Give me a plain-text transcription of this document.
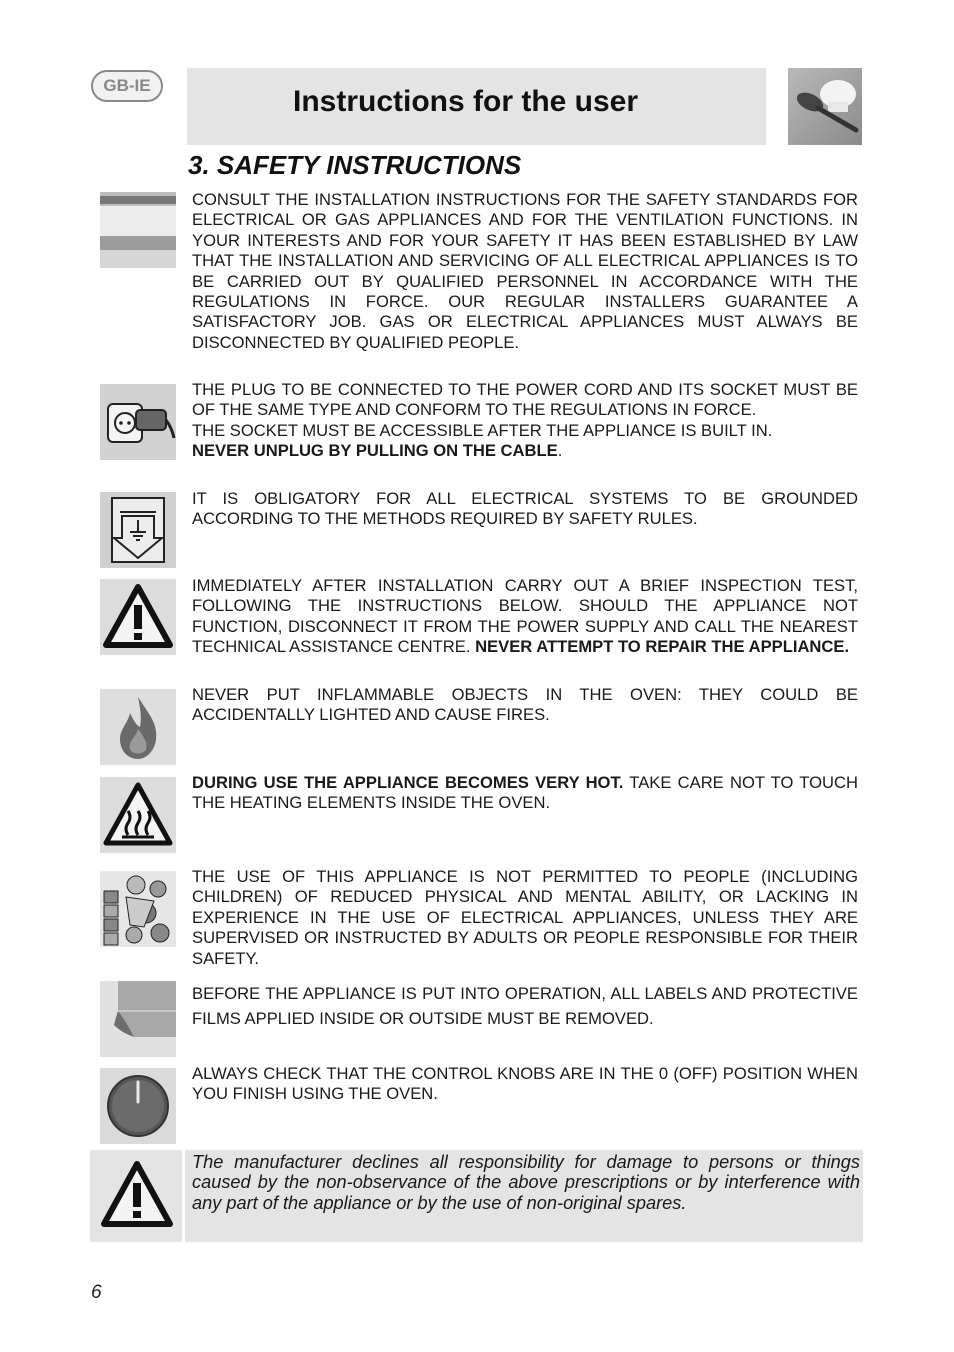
GB-IE	Instructions for the user
3. SAFETY INSTRUCTIONS

CONSULT THE INSTALLATION INSTRUCTIONS FOR THE SAFETY STANDARDS FOR ELECTRICAL OR GAS APPLIANCES AND FOR THE VENTILATION FUNCTIONS. IN YOUR INTERESTS AND FOR YOUR SAFETY IT HAS BEEN ESTABLISHED BY LAW THAT THE INSTALLATION AND SERVICING OF ALL ELECTRICAL APPLIANCES IS TO BE CARRIED OUT BY QUALIFIED PERSONNEL IN ACCORDANCE WITH THE REGULATIONS IN FORCE. OUR REGULAR INSTALLERS GUARANTEE A SATISFACTORY JOB. GAS OR ELECTRICAL APPLIANCES MUST ALWAYS BE DISCONNECTED BY QUALIFIED PEOPLE.

THE PLUG TO BE CONNECTED TO THE POWER CORD AND ITS SOCKET MUST BE OF THE SAME TYPE AND CONFORM TO THE REGULATIONS IN FORCE.
THE SOCKET MUST BE ACCESSIBLE AFTER THE APPLIANCE IS BUILT IN.
NEVER UNPLUG BY PULLING ON THE CABLE.

IT IS OBLIGATORY FOR ALL ELECTRICAL SYSTEMS TO BE GROUNDED ACCORDING TO THE METHODS REQUIRED BY SAFETY RULES.

IMMEDIATELY AFTER INSTALLATION CARRY OUT A BRIEF INSPECTION TEST, FOLLOWING THE INSTRUCTIONS BELOW. SHOULD THE APPLIANCE NOT FUNCTION, DISCONNECT IT FROM THE POWER SUPPLY AND CALL THE NEAREST TECHNICAL ASSISTANCE CENTRE. NEVER ATTEMPT TO REPAIR THE APPLIANCE.

NEVER PUT INFLAMMABLE OBJECTS IN THE OVEN: THEY COULD BE ACCIDENTALLY LIGHTED AND CAUSE FIRES.

DURING USE THE APPLIANCE BECOMES VERY HOT. TAKE CARE NOT TO TOUCH THE HEATING ELEMENTS INSIDE THE OVEN.

THE USE OF THIS APPLIANCE IS NOT PERMITTED TO PEOPLE (INCLUDING CHILDREN) OF REDUCED PHYSICAL AND MENTAL ABILITY, OR LACKING IN EXPERIENCE IN THE USE OF ELECTRICAL APPLIANCES, UNLESS THEY ARE SUPERVISED OR INSTRUCTED BY ADULTS OR PEOPLE RESPONSIBLE FOR THEIR SAFETY.

BEFORE THE APPLIANCE IS PUT INTO OPERATION, ALL LABELS AND PROTECTIVE FILMS APPLIED INSIDE OR OUTSIDE MUST BE REMOVED.

ALWAYS CHECK THAT THE CONTROL KNOBS ARE IN THE 0 (OFF) POSITION WHEN YOU FINISH USING THE OVEN.

The manufacturer declines all responsibility for damage to persons or things caused by the non-observance of the above prescriptions or by interference with any part of the appliance or by the use of non-original spares.

6
